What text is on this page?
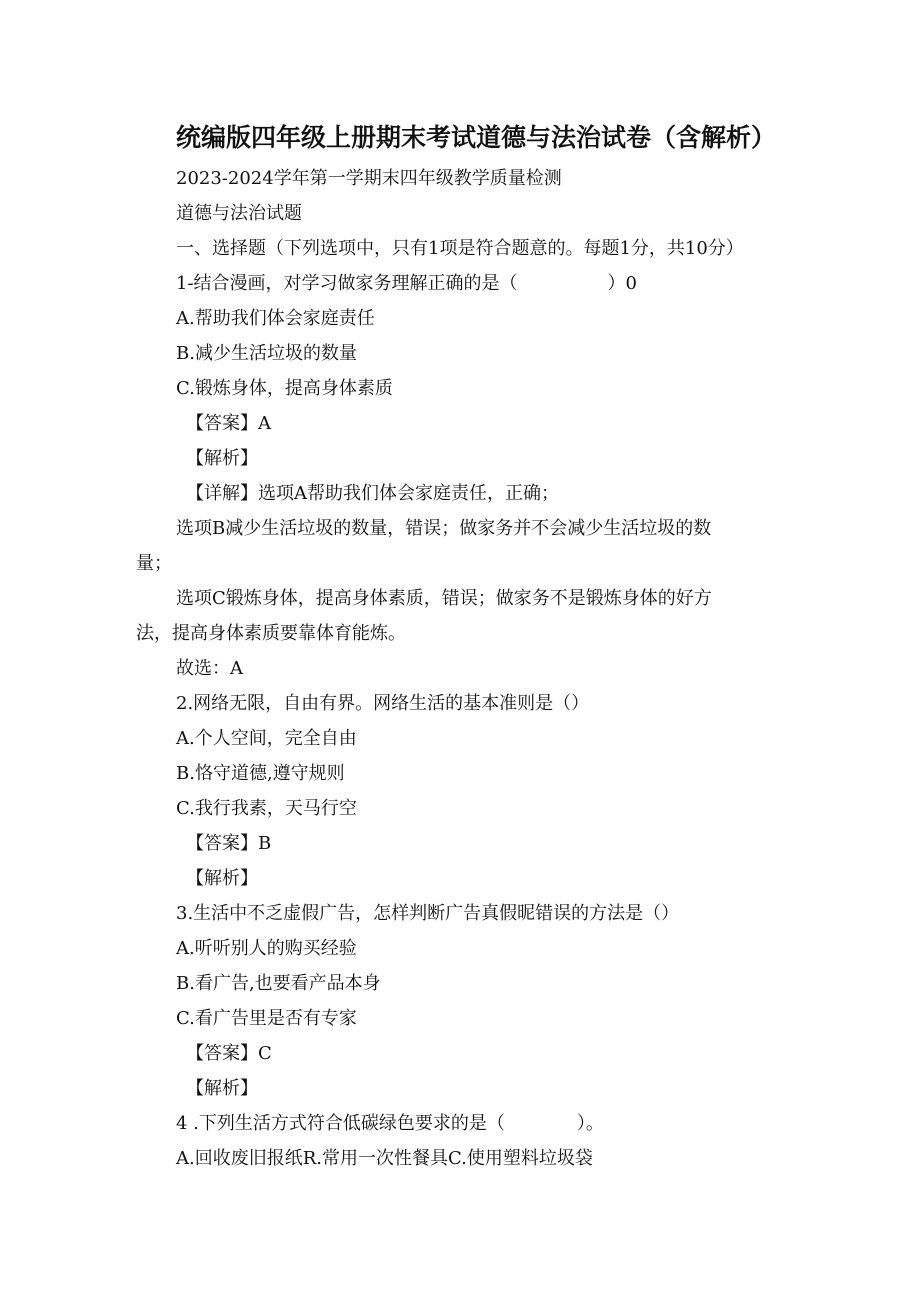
统编版四年级上册期末考试道德与法治试卷（含解析）
2023-2024学年第一学期末四年级教学质量检测
道德与法治试题
一、选择题（下列选项中，只有1项是符合题意的。每题1分，共10分）
1-结合漫画，对学习做家务理解正确的是（　　　　　）0
A.帮助我们体会家庭责任
B.减少生活垃圾的数量
C.锻炼身体，提高身体素质
【答案】A
【解析】
【详解】选项A帮助我们体会家庭责任，正确；
选项B减少生活垃圾的数量，错误；做家务并不会减少生活垃圾的数
量；
选项C锻炼身体，提高身体素质，错误；做家务不是锻炼身体的好方
法，提高身体素质要靠体育能炼。
故选：A
2.网络无限，自由有界。网络生活的基本准则是（）
A.个人空间，完全自由
B.恪守道德,遵守规则
C.我行我素，天马行空
【答案】B
【解析】
3.生活中不乏虚假广告，怎样判断广告真假昵错误的方法是（）
A.听听别人的购买经验
B.看广告,也要看产品本身
C.看广告里是否有专家
【答案】C
【解析】
4 .下列生活方式符合低碳绿色要求的是（　　　　）。
A.回收废旧报纸R.常用一次性餐具C.使用塑料垃圾袋
